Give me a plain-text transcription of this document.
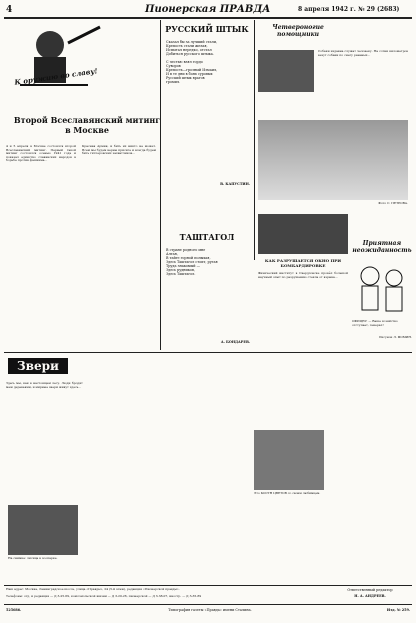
4	Пионерская ПРАВДА	8 апреля 1942 г. № 29 (2683)
К оружию во славу!
Второй Всеславянский митинг в Москве
4 и 5 апреля в Москве состоялся второй Всеславянский митинг. Первый такой митинг состоялся осенью 1941 года и показал единство славянских народов в борьбе против фашизма...
Красная Армия, и бить их никто не может. Всем мы будем верны присяге и всегда будем бить гитлеровских захватчиков...
РУССКИЙ ШТЫК
Сказал бы за лучший стали,
Крепость стали желая,
Испытал нередко, отстал
Добиться русского штыка.

С честью взял гордо
Суворов
Крепость—грозный Измаил,
И в те дни в боях суровых
Русский штык врагов
громил.
В. КАПУСТИН.
Четвероногие помощники
Собаки издавна служат человеку. На сотни километров везут собаки по снегу раненых...
Фото С. ПЕТРОВА.
ТАШТАГОЛ
В стране родного мне
Алтая,
В тайге горной полыхая,
Здесь Таштагол стоит, ругая
Труда знакомый —
Здесь рудников,
Здесь Таштагол.
А. БОНДАРЕВ.
КАК РАЗРУШАЕТСЯ ОКНО ПРИ БОМБАРДИРОВКЕ
Физический институт в Свердловске провёл большой научный опыт по разрушению стекла от взрыва...
Приятная неожиданность
ОФИЦЕР: — Ваше хозяйство отступает, генерал!
Рисунок Л. ФОМИН.
Звери
Здесь мы, как в настоящем лесу. Люди бродят меж деревьями, и мирные звери живут здесь...
На снимке: лисица в зоопарке.
Это КОСТЯ ЦВЕТОВ со своим любимцем.
Наш адрес: Москва, Ленинградское шоссе, улица «Правды», 24 (5-й этаж), редакция «Пионерской правды».
Телефоны: отд. и редакция — Д 3-25-69, комсомольской жизни — Д 3-20-26, пионерской — Д 3-38-07, иностр. — Д 3-35-89
Ответственный редактор
Н. А. АНДРЕЕВ.
525686.	Типография газеты «Правда» имени Сталина.	Изд. № 259.
